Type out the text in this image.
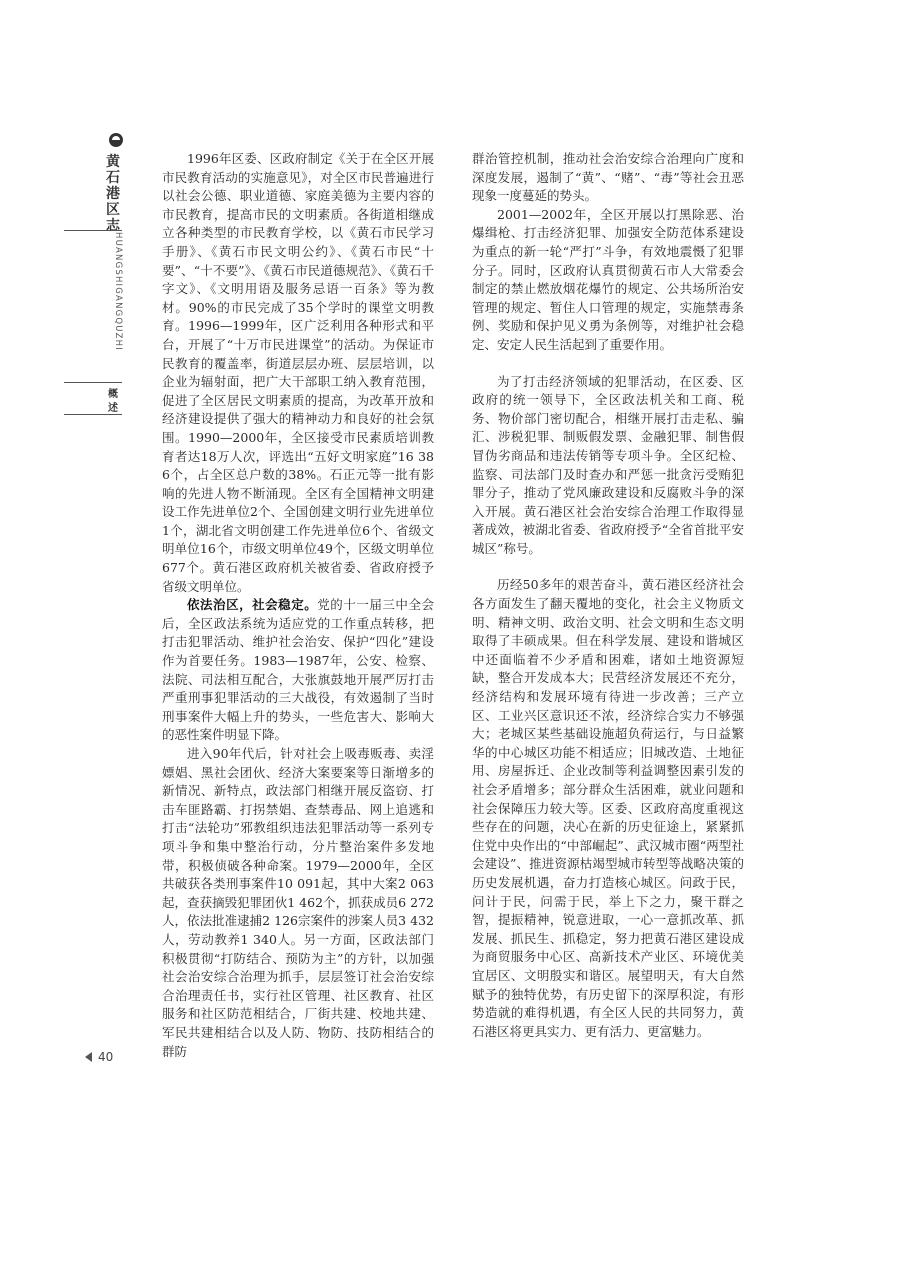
黄石港区志
HUANGSHIGANGQUZHI
概述

1996年区委、区政府制定《关于在全区开展市民教育活动的实施意见》，对全区市民普遍进行以社会公德、职业道德、家庭美德为主要内容的市民教育，提高市民的文明素质。各街道相继成立各种类型的市民教育学校，以《黄石市民学习手册》、《黄石市民文明公约》、《黄石市民“十要”、“十不要”》、《黄石市民道德规范》、《黄石千字文》、《文明用语及服务忌语一百条》等为教材。90%的市民完成了35个学时的课堂文明教育。1996—1999年，区广泛利用各种形式和平台，开展了“十万市民进课堂”的活动。为保证市民教育的覆盖率，街道层层办班、层层培训，以企业为辐射面，把广大干部职工纳入教育范围，促进了全区居民文明素质的提高，为改革开放和经济建设提供了强大的精神动力和良好的社会氛围。1990—2000年，全区接受市民素质培训教育者达18万人次，评选出“五好文明家庭”16 386个，占全区总户数的38%。石正元等一批有影响的先进人物不断涌现。全区有全国精神文明建设工作先进单位2个、全国创建文明行业先进单位1个，湖北省文明创建工作先进单位6个、省级文明单位16个，市级文明单位49个，区级文明单位677个。黄石港区政府机关被省委、省政府授予省级文明单位。

依法治区，社会稳定。党的十一届三中全会后，全区政法系统为适应党的工作重点转移，把打击犯罪活动、维护社会治安、保护“四化”建设作为首要任务。1983—1987年，公安、检察、法院、司法相互配合，大张旗鼓地开展严厉打击严重刑事犯罪活动的三大战役，有效遏制了当时刑事案件大幅上升的势头，一些危害大、影响大的恶性案件明显下降。

进入90年代后，针对社会上吸毒贩毒、卖淫嫖娼、黑社会团伙、经济大案要案等日渐增多的新情况、新特点，政法部门相继开展反盗窃、打击车匪路霸、打拐禁娼、查禁毒品、网上追逃和打击“法轮功”邪教组织违法犯罪活动等一系列专项斗争和集中整治行动，分片整治案件多发地带，积极侦破各种命案。1979—2000年，全区共破获各类刑事案件10 091起，其中大案2 063起，查获摘毁犯罪团伙1 462个，抓获成员6 272人，依法批准逮捕2 126宗案件的涉案人员3 432人，劳动教养1 340人。另一方面，区政法部门积极贯彻“打防结合、预防为主”的方针，以加强社会治安综合治理为抓手，层层签订社会治安综合治理责任书，实行社区管理、社区教育、社区服务和社区防范相结合，厂街共建、校地共建、军民共建相结合以及人防、物防、技防相结合的群防

群治管控机制，推动社会治安综合治理向广度和深度发展，遏制了“黄”、“赌”、“毒”等社会丑恶现象一度蔓延的势头。

2001—2002年，全区开展以打黑除恶、治爆缉枪、打击经济犯罪、加强安全防范体系建设为重点的新一轮“严打”斗争，有效地震慑了犯罪分子。同时，区政府认真贯彻黄石市人大常委会制定的禁止燃放烟花爆竹的规定、公共场所治安管理的规定、暂住人口管理的规定，实施禁毒条例、奖励和保护见义勇为条例等，对维护社会稳定、安定人民生活起到了重要作用。

为了打击经济领域的犯罪活动，在区委、区政府的统一领导下，全区政法机关和工商、税务、物价部门密切配合，相继开展打击走私、骗汇、涉税犯罪、制贩假发票、金融犯罪、制售假冒伪劣商品和违法传销等专项斗争。全区纪检、监察、司法部门及时查办和严惩一批贪污受贿犯罪分子，推动了党风廉政建设和反腐败斗争的深入开展。黄石港区社会治安综合治理工作取得显著成效，被湖北省委、省政府授予“全省首批平安城区”称号。

历经50多年的艰苦奋斗，黄石港区经济社会各方面发生了翻天覆地的变化，社会主义物质文明、精神文明、政治文明、社会文明和生态文明取得了丰硕成果。但在科学发展、建设和谐城区中还面临着不少矛盾和困难，诸如土地资源短缺，整合开发成本大；民营经济发展还不充分，经济结构和发展环境有待进一步改善；三产立区、工业兴区意识还不浓，经济综合实力不够强大；老城区某些基础设施超负荷运行，与日益繁华的中心城区功能不相适应；旧城改造、土地征用、房屋拆迁、企业改制等利益调整因素引发的社会矛盾增多；部分群众生活困难，就业问题和社会保障压力较大等。区委、区政府高度重视这些存在的问题，决心在新的历史征途上，紧紧抓住党中央作出的“中部崛起”、武汉城市圈“两型社会建设”、推进资源枯竭型城市转型等战略决策的历史发展机遇，奋力打造核心城区。问政于民，问计于民，问需于民，举上下之力，聚干群之智，提振精神，锐意进取，一心一意抓改革、抓发展、抓民生、抓稳定，努力把黄石港区建设成为商贸服务中心区、高新技术产业区、环境优美宜居区、文明殷实和谐区。展望明天，有大自然赋予的独特优势，有历史留下的深厚积淀，有形势造就的难得机遇，有全区人民的共同努力，黄石港区将更具实力、更有活力、更富魅力。

40
